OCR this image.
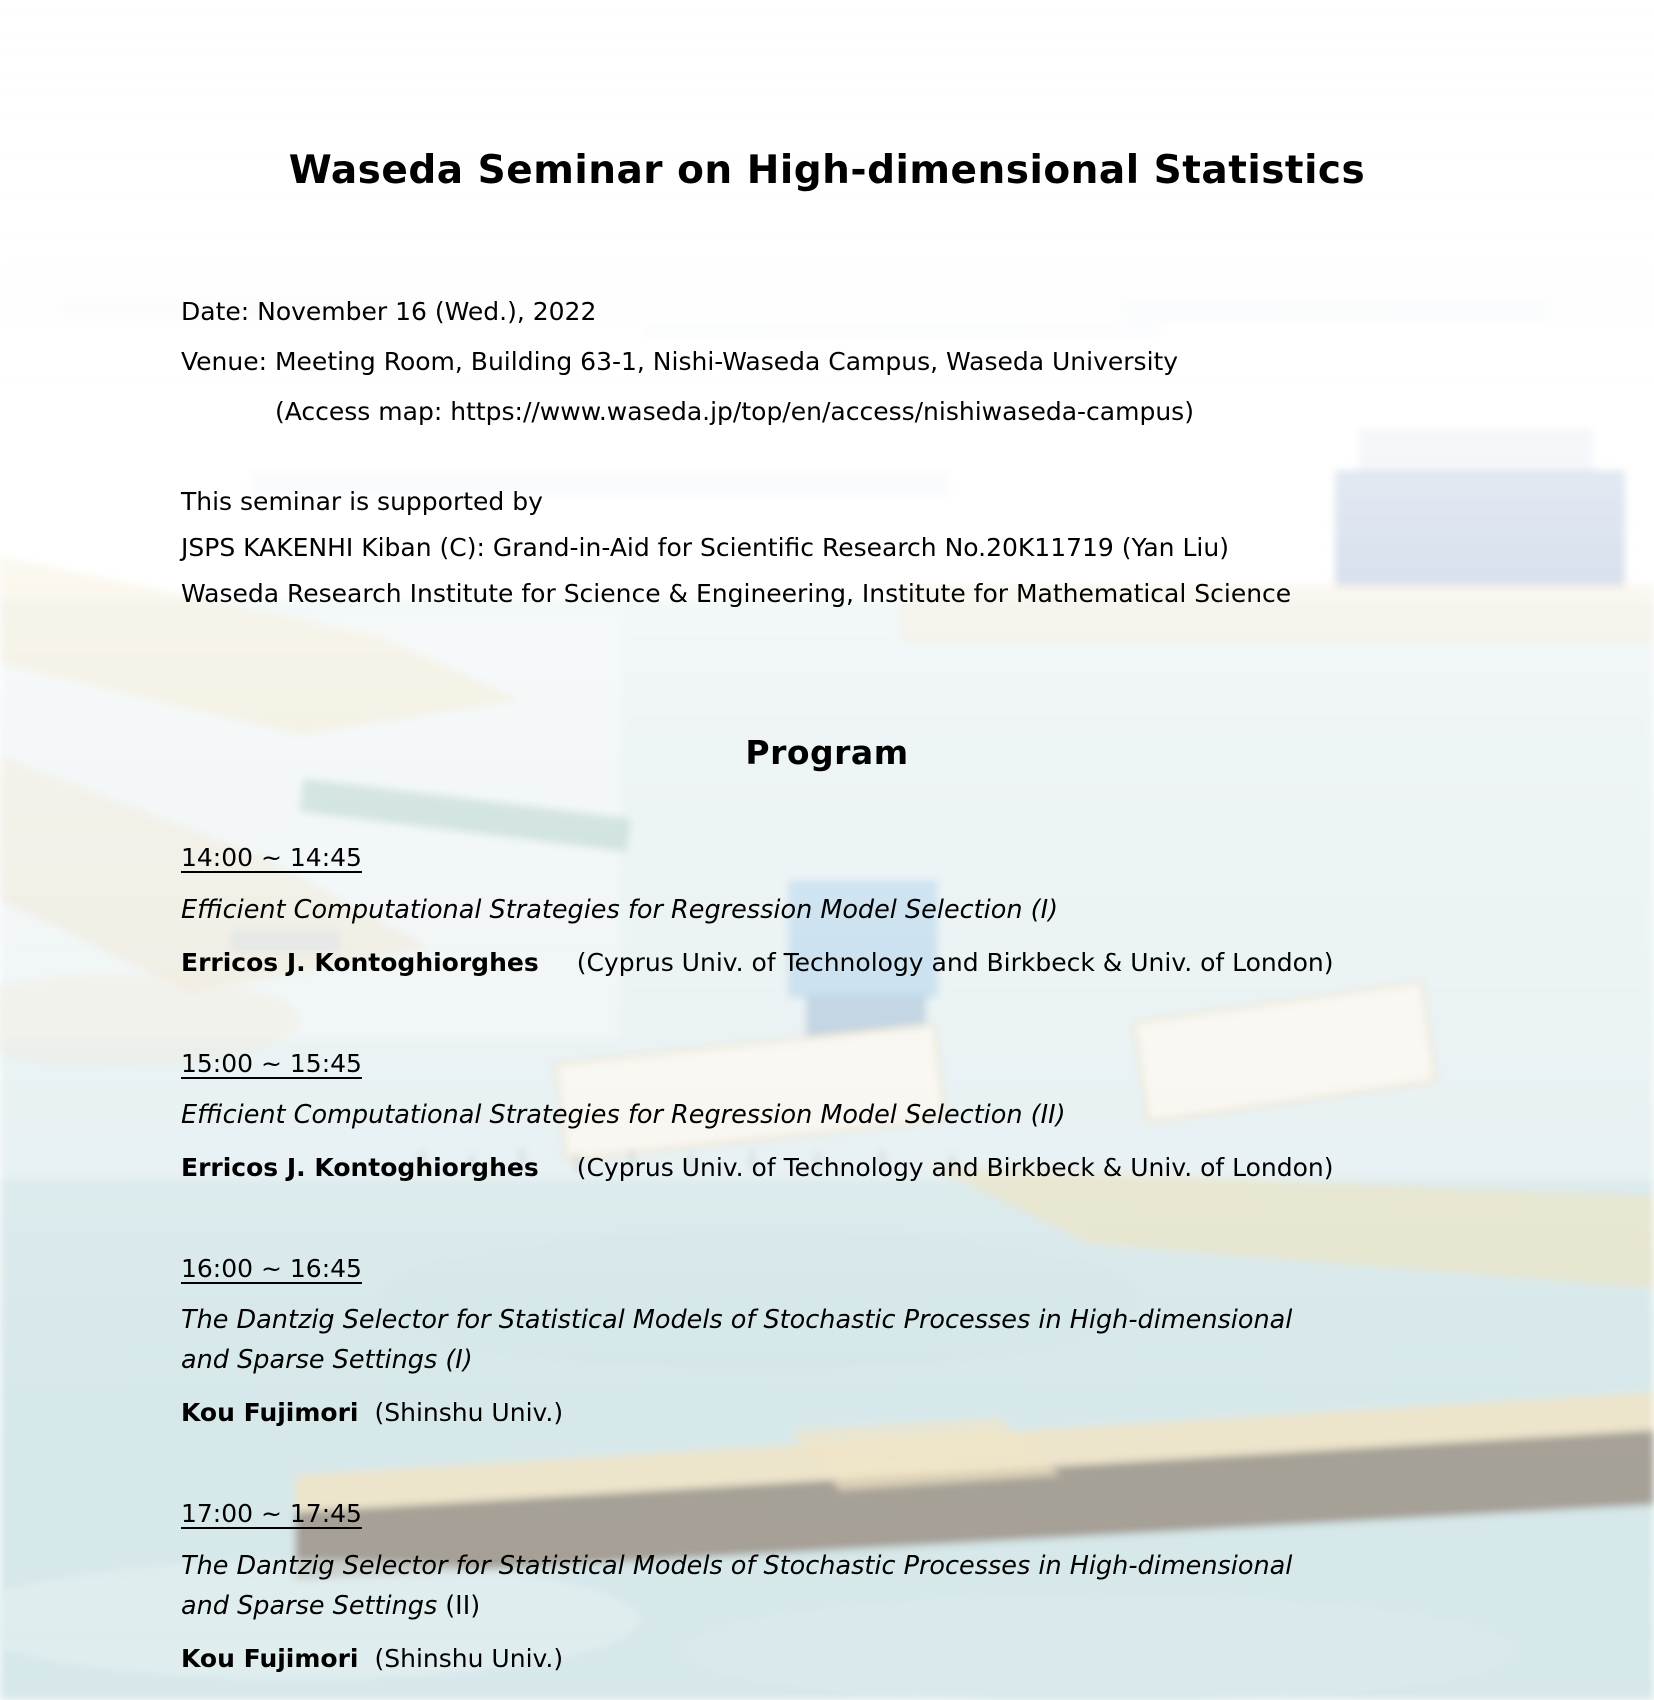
Waseda Seminar on High-dimensional Statistics
Date: November 16 (Wed.), 2022
Venue: Meeting Room, Building 63-1, Nishi-Waseda Campus, Waseda University
(Access map: https://www.waseda.jp/top/en/access/nishiwaseda-campus)
This seminar is supported by
JSPS KAKENHI Kiban (C): Grand-in-Aid for Scientific Research No.20K11719 (Yan Liu)
Waseda Research Institute for Science & Engineering, Institute for Mathematical Science
Program
14:00 ~ 14:45
Efficient Computational Strategies for Regression Model Selection (I)
Erricos J. Kontoghiorghes (Cyprus Univ. of Technology and Birkbeck & Univ. of London)
15:00 ~ 15:45
Efficient Computational Strategies for Regression Model Selection (II)
Erricos J. Kontoghiorghes (Cyprus Univ. of Technology and Birkbeck & Univ. of London)
16:00 ~ 16:45
The Dantzig Selector for Statistical Models of Stochastic Processes in High-dimensional
and Sparse Settings (I)
Kou Fujimori (Shinshu Univ.)
17:00 ~ 17:45
The Dantzig Selector for Statistical Models of Stochastic Processes in High-dimensional
and Sparse Settings (II)
Kou Fujimori (Shinshu Univ.)
